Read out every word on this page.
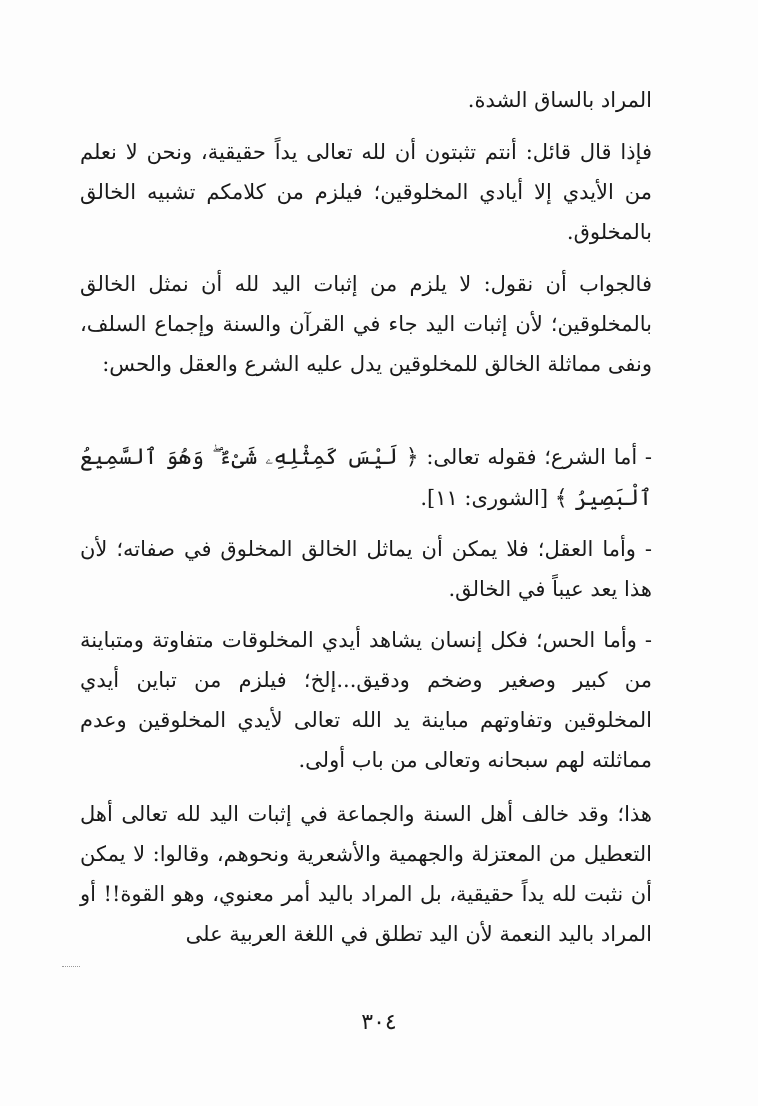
المراد بالساق الشدة.

فإذا قال قائل: أنتم تثبتون أن لله تعالى يداً حقيقية، ونحن لا نعلم من الأيدي إلا أيادي المخلوقين؛ فيلزم من كلامكم تشبيه الخالق بالمخلوق.

فالجواب أن نقول: لا يلزم من إثبات اليد لله أن نمثل الخالق بالمخلوقين؛ لأن إثبات اليد جاء في القرآن والسنة وإجماع السلف، ونفى مماثلة الخالق للمخلوقين يدل عليه الشرع والعقل والحس:

- أما الشرع؛ فقوله تعالى: ﴿ لَيْسَ كَمِثْلِهِۦ شَىْءٌ ۖ وَهُوَ ٱلسَّمِيعُ ٱلْبَصِيرُ ﴾ [الشورى: ١١].

- وأما العقل؛ فلا يمكن أن يماثل الخالق المخلوق في صفاته؛ لأن هذا يعد عيباً في الخالق.

- وأما الحس؛ فكل إنسان يشاهد أيدي المخلوقات متفاوتة ومتباينة من كبير وصغير وضخم ودقيق...إلخ؛ فيلزم من تباين أيدي المخلوقين وتفاوتهم مباينة يد الله تعالى لأيدي المخلوقين وعدم مماثلته لهم سبحانه وتعالى من باب أولى.

هذا؛ وقد خالف أهل السنة والجماعة في إثبات اليد لله تعالى أهل التعطيل من المعتزلة والجهمية والأشعرية ونحوهم، وقالوا: لا يمكن أن نثبت لله يداً حقيقية، بل المراد باليد أمر معنوي، وهو القوة!! أو المراد باليد النعمة لأن اليد تطلق في اللغة العربية على

٣٠٤
